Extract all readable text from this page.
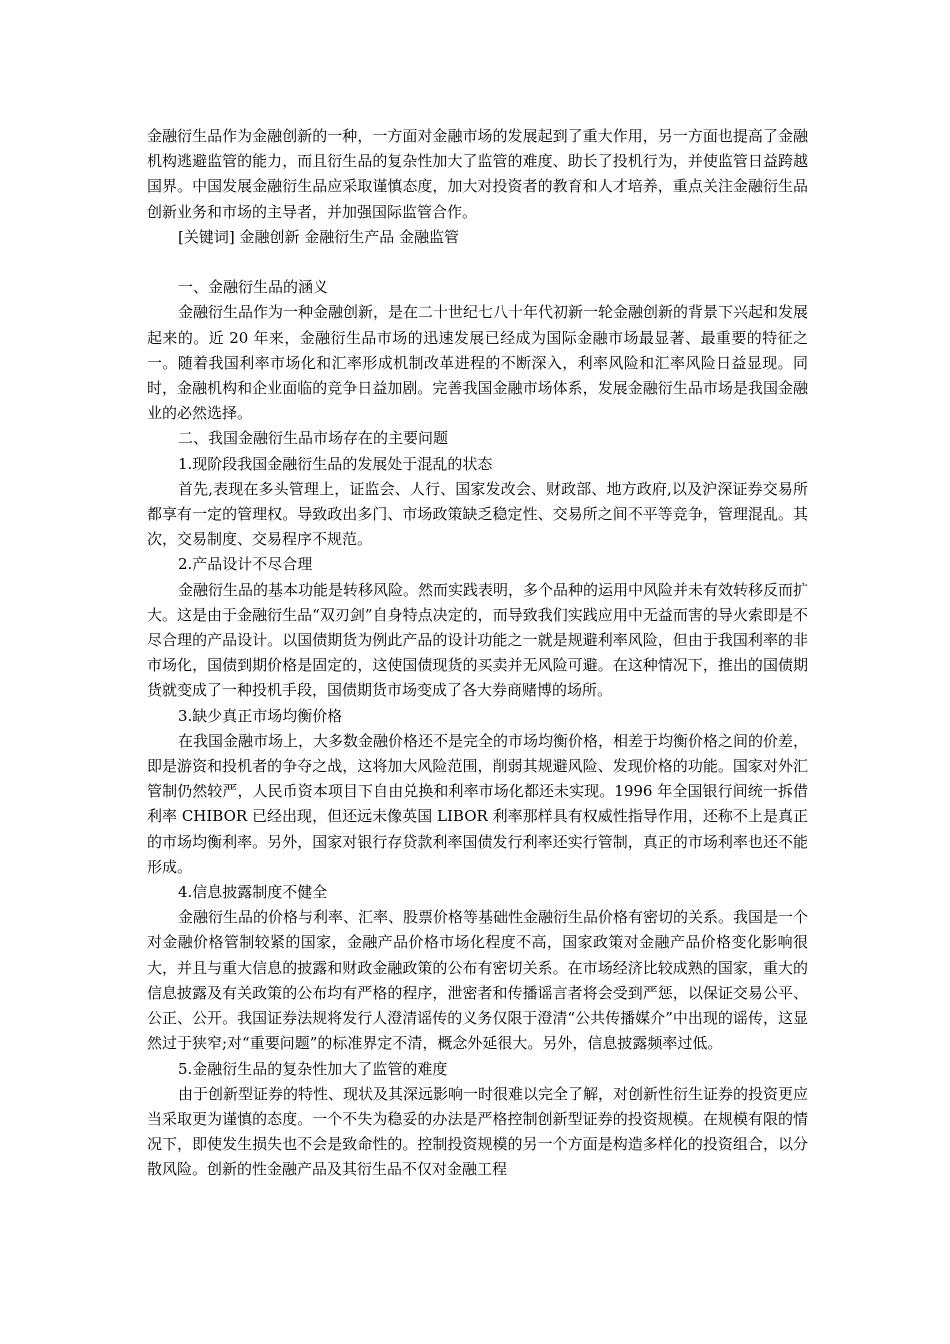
金融衍生品作为金融创新的一种，一方面对金融市场的发展起到了重大作用，另一方面也提高了金融机构逃避监管的能力，而且衍生品的复杂性加大了监管的难度、助长了投机行为，并使监管日益跨越国界。中国发展金融衍生品应采取谨慎态度，加大对投资者的教育和人才培养，重点关注金融衍生品创新业务和市场的主导者，并加强国际监管合作。

[关键词] 金融创新 金融衍生产品 金融监管

一、金融衍生品的涵义

金融衍生品作为一种金融创新，是在二十世纪七八十年代初新一轮金融创新的背景下兴起和发展起来的。近 20 年来，金融衍生品市场的迅速发展已经成为国际金融市场最显著、最重要的特征之一。随着我国利率市场化和汇率形成机制改革进程的不断深入，利率风险和汇率风险日益显现。同时，金融机构和企业面临的竞争日益加剧。完善我国金融市场体系，发展金融衍生品市场是我国金融业的必然选择。

二、我国金融衍生品市场存在的主要问题

1.现阶段我国金融衍生品的发展处于混乱的状态

首先,表现在多头管理上，证监会、人行、国家发改会、财政部、地方政府,以及沪深证券交易所都享有一定的管理权。导致政出多门、市场政策缺乏稳定性、交易所之间不平等竞争，管理混乱。其次，交易制度、交易程序不规范。

2.产品设计不尽合理

金融衍生品的基本功能是转移风险。然而实践表明，多个品种的运用中风险并未有效转移反而扩大。这是由于金融衍生品“双刃剑”自身特点决定的，而导致我们实践应用中无益而害的导火索即是不尽合理的产品设计。以国债期货为例此产品的设计功能之一就是规避利率风险，但由于我国利率的非市场化，国债到期价格是固定的，这使国债现货的买卖并无风险可避。在这种情况下，推出的国债期货就变成了一种投机手段，国债期货市场变成了各大券商赌博的场所。

3.缺少真正市场均衡价格

在我国金融市场上，大多数金融价格还不是完全的市场均衡价格，相差于均衡价格之间的价差，即是游资和投机者的争夺之战，这将加大风险范围，削弱其规避风险、发现价格的功能。国家对外汇管制仍然较严，人民币资本项目下自由兑换和利率市场化都还未实现。1996 年全国银行间统一拆借利率 CHIBOR 已经出现，但还远未像英国 LIBOR 利率那样具有权威性指导作用，还称不上是真正的市场均衡利率。另外，国家对银行存贷款利率国债发行利率还实行管制，真正的市场利率也还不能形成。

4.信息披露制度不健全

金融衍生品的价格与利率、汇率、股票价格等基础性金融衍生品价格有密切的关系。我国是一个对金融价格管制较紧的国家，金融产品价格市场化程度不高，国家政策对金融产品价格变化影响很大，并且与重大信息的披露和财政金融政策的公布有密切关系。在市场经济比较成熟的国家，重大的信息披露及有关政策的公布均有严格的程序，泄密者和传播谣言者将会受到严惩，以保证交易公平、公正、公开。我国证券法规将发行人澄清谣传的义务仅限于澄清“公共传播媒介”中出现的谣传，这显然过于狭窄;对“重要问题”的标准界定不清，概念外延很大。另外，信息披露频率过低。

5.金融衍生品的复杂性加大了监管的难度

由于创新型证券的特性、现状及其深远影响一时很难以完全了解，对创新性衍生证券的投资更应当采取更为谨慎的态度。一个不失为稳妥的办法是严格控制创新型证券的投资规模。在规模有限的情况下，即使发生损失也不会是致命性的。控制投资规模的另一个方面是构造多样化的投资组合，以分散风险。创新的性金融产品及其衍生品不仅对金融工程
